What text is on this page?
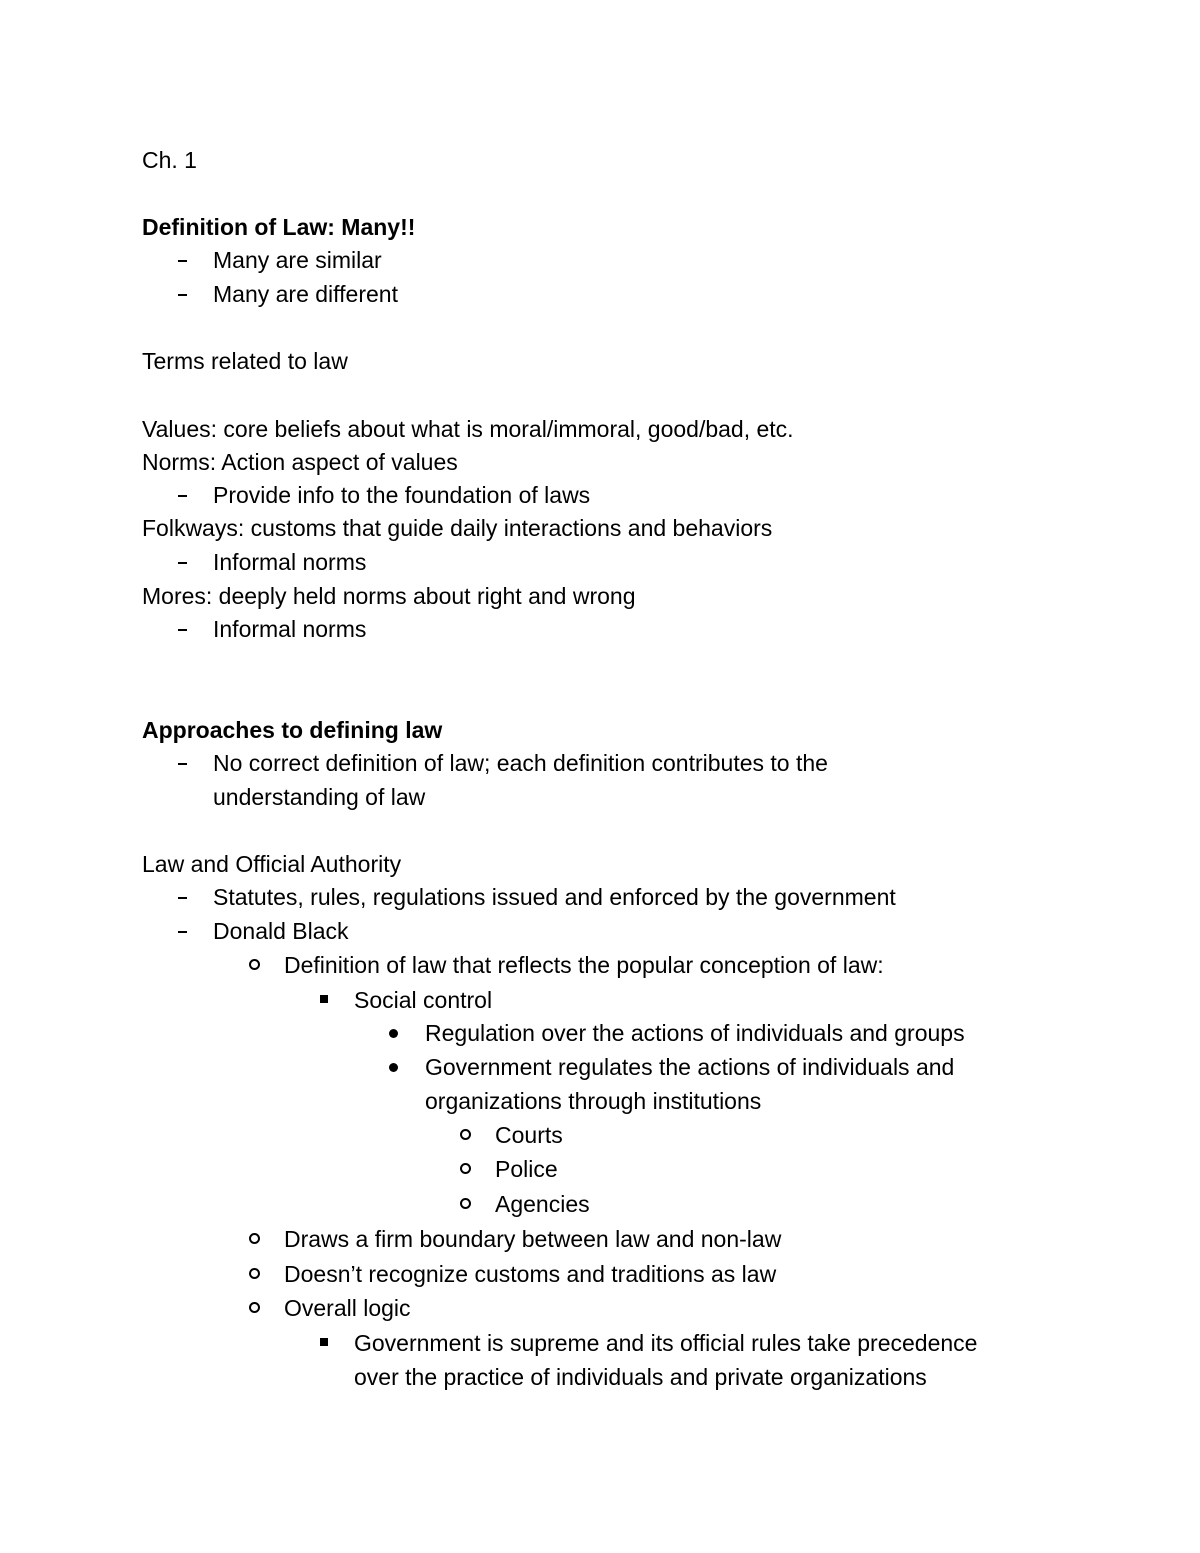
Ch. 1
Definition of Law: Many!!
Many are similar
Many are different
Terms related to law
Values: core beliefs about what is moral/immoral, good/bad, etc.
Norms: Action aspect of values
Provide info to the foundation of laws
Folkways: customs that guide daily interactions and behaviors
Informal norms
Mores: deeply held norms about right and wrong
Informal norms
Approaches to defining law
No correct definition of law; each definition contributes to the
understanding of law
Law and Official Authority
Statutes, rules, regulations issued and enforced by the government
Donald Black
Definition of law that reflects the popular conception of law:
Social control
Regulation over the actions of individuals and groups
Government regulates the actions of individuals and
organizations through institutions
Courts
Police
Agencies
Draws a firm boundary between law and non-law
Doesn’t recognize customs and traditions as law
Overall logic
Government is supreme and its official rules take precedence
over the practice of individuals and private organizations
